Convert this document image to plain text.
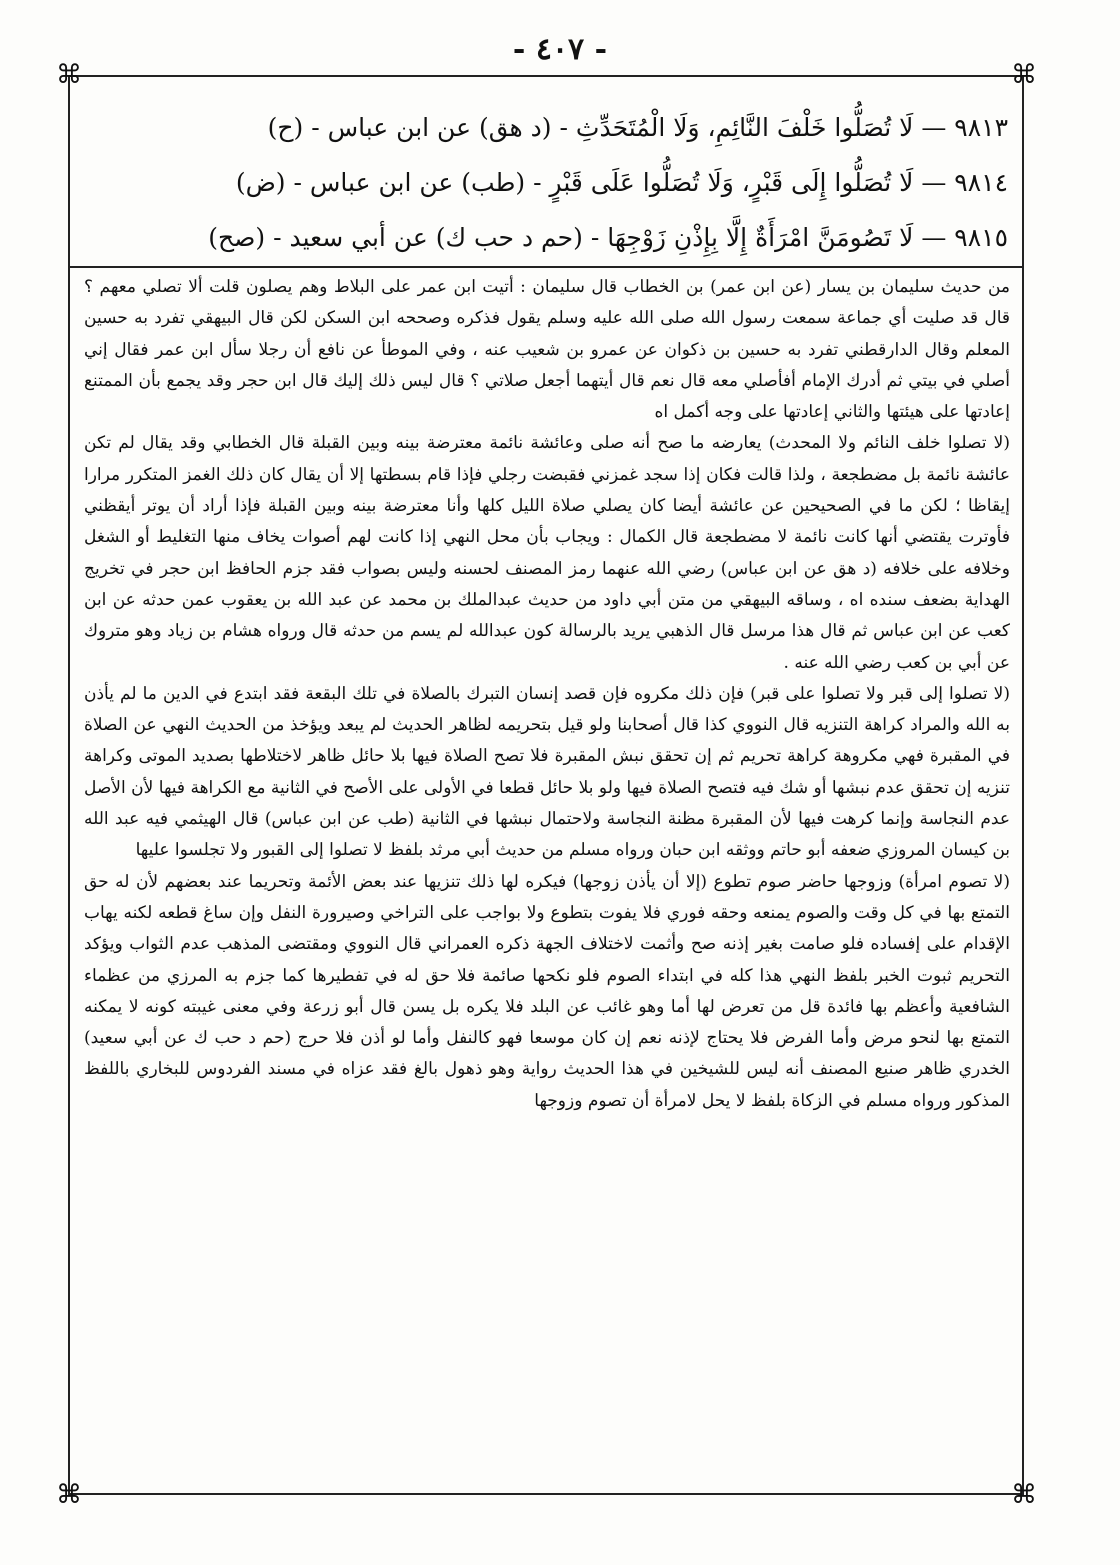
- ٤٠٧ -
⌘	⌘
⌘	⌘
٩٨١٣ — لَا تُصَلُّوا خَلْفَ النَّائِمِ، وَلَا الْمُتَحَدِّثِ - (د هق) عن ابن عباس - (ح)
٩٨١٤ — لَا تُصَلُّوا إِلَى قَبْرٍ، وَلَا تُصَلُّوا عَلَى قَبْرٍ - (طب) عن ابن عباس - (ض)
٩٨١٥ — لَا تَصُومَنَّ امْرَأَةٌ إِلَّا بِإِذْنِ زَوْجِهَا - (حم د حب ك) عن أبي سعيد - (صح)

من حديث سليمان بن يسار (عن ابن عمر) بن الخطاب قال سليمان : أتيت ابن عمر على البلاط وهم يصلون قلت ألا تصلي معهم ؟ قال قد صليت أي جماعة سمعت رسول الله صلى الله عليه وسلم يقول فذكره وصححه ابن السكن لكن قال البيهقي تفرد به حسين المعلم وقال الدارقطني تفرد به حسين بن ذكوان عن عمرو بن شعيب عنه ، وفي الموطأ عن نافع أن رجلا سأل ابن عمر فقال إني أصلي في بيتي ثم أدرك الإمام أفأصلي معه قال نعم قال أيتهما أجعل صلاتي ؟ قال ليس ذلك إليك قال ابن حجر وقد يجمع بأن الممتنع إعادتها على هيئتها والثاني إعادتها على وجه أكمل اه

(لا تصلوا خلف النائم ولا المحدث) يعارضه ما صح أنه صلى وعائشة نائمة معترضة بينه وبين القبلة قال الخطابي وقد يقال لم تكن عائشة نائمة بل مضطجعة ، ولذا قالت فكان إذا سجد غمزني فقبضت رجلي فإذا قام بسطتها إلا أن يقال كان ذلك الغمز المتكرر مرارا إيقاظا ؛ لكن ما في الصحيحين عن عائشة أيضا كان يصلي صلاة الليل كلها وأنا معترضة بينه وبين القبلة فإذا أراد أن يوتر أيقظني فأوترت يقتضي أنها كانت نائمة لا مضطجعة قال الكمال : ويجاب بأن محل النهي إذا كانت لهم أصوات يخاف منها التغليط أو الشغل وخلافه على خلافه (د هق عن ابن عباس) رضي الله عنهما رمز المصنف لحسنه وليس بصواب فقد جزم الحافظ ابن حجر في تخريج الهداية بضعف سنده اه ، وساقه البيهقي من متن أبي داود من حديث عبدالملك بن محمد عن عبد الله بن يعقوب عمن حدثه عن ابن كعب عن ابن عباس ثم قال هذا مرسل قال الذهبي يريد بالرسالة كون عبدالله لم يسم من حدثه قال ورواه هشام بن زياد وهو متروك عن أبي بن كعب رضي الله عنه .

(لا تصلوا إلى قبر ولا تصلوا على قبر) فإن ذلك مكروه فإن قصد إنسان التبرك بالصلاة في تلك البقعة فقد ابتدع في الدين ما لم يأذن به الله والمراد كراهة التنزيه قال النووي كذا قال أصحابنا ولو قيل بتحريمه لظاهر الحديث لم يبعد ويؤخذ من الحديث النهي عن الصلاة في المقبرة فهي مكروهة كراهة تحريم ثم إن تحقق نبش المقبرة فلا تصح الصلاة فيها بلا حائل ظاهر لاختلاطها بصديد الموتى وكراهة تنزيه إن تحقق عدم نبشها أو شك فيه فتصح الصلاة فيها ولو بلا حائل قطعا في الأولى على الأصح في الثانية مع الكراهة فيها لأن الأصل عدم النجاسة وإنما كرهت فيها لأن المقبرة مظنة النجاسة ولاحتمال نبشها في الثانية (طب عن ابن عباس) قال الهيثمي فيه عبد الله بن كيسان المروزي ضعفه أبو حاتم ووثقه ابن حبان ورواه مسلم من حديث أبي مرثد بلفظ لا تصلوا إلى القبور ولا تجلسوا عليها

(لا تصوم امرأة) وزوجها حاضر صوم تطوع (إلا أن يأذن زوجها) فيكره لها ذلك تنزيها عند بعض الأئمة وتحريما عند بعضهم لأن له حق التمتع بها في كل وقت والصوم يمنعه وحقه فوري فلا يفوت بتطوع ولا بواجب على التراخي وصيرورة النفل وإن ساغ قطعه لكنه يهاب الإقدام على إفساده فلو صامت بغير إذنه صح وأثمت لاختلاف الجهة ذكره العمراني قال النووي ومقتضى المذهب عدم الثواب ويؤكد التحريم ثبوت الخبر بلفظ النهي هذا كله في ابتداء الصوم فلو نكحها صائمة فلا حق له في تفطيرها كما جزم به المرزي من عظماء الشافعية وأعظم بها فائدة قل من تعرض لها أما وهو غائب عن البلد فلا يكره بل يسن قال أبو زرعة وفي معنى غيبته كونه لا يمكنه التمتع بها لنحو مرض وأما الفرض فلا يحتاج لإذنه نعم إن كان موسعا فهو كالنفل وأما لو أذن فلا حرج (حم د حب ك عن أبي سعيد) الخدري ظاهر صنيع المصنف أنه ليس للشيخين في هذا الحديث رواية وهو ذهول بالغ فقد عزاه في مسند الفردوس للبخاري باللفظ المذكور ورواه مسلم في الزكاة بلفظ لا يحل لامرأة أن تصوم وزوجها
